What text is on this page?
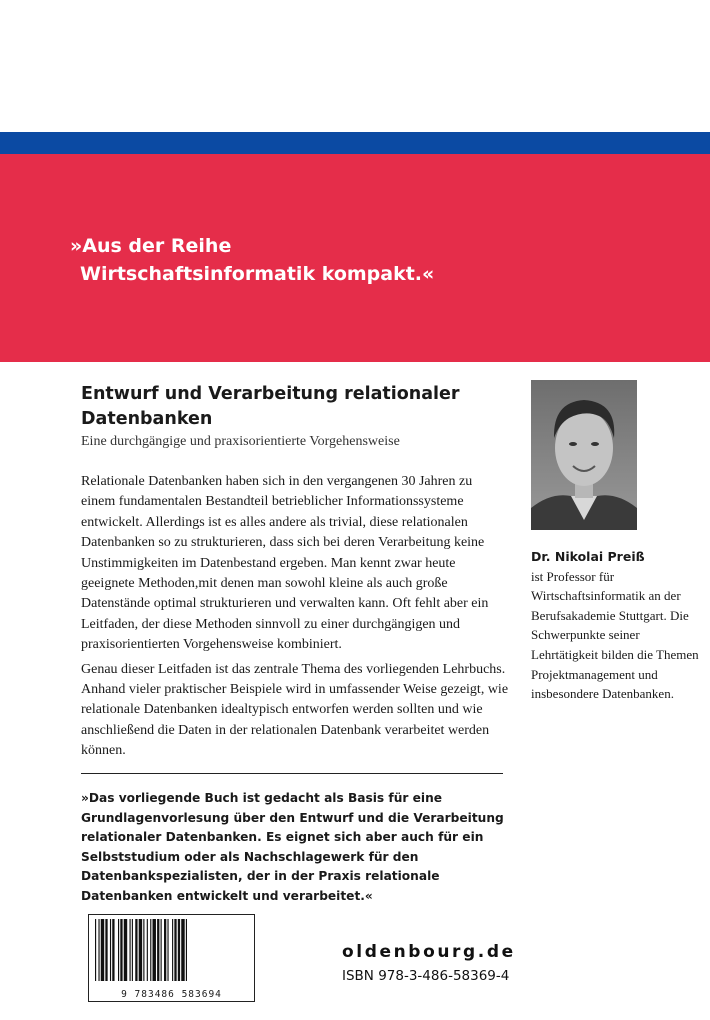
»Aus der Reihe
Wirtschaftsinformatik kompakt.«
Entwurf und Verarbeitung relationaler
Datenbanken
Eine durchgängige und praxisorientierte Vorgehensweise

Relationale Datenbanken haben sich in den vergangenen 30 Jahren zu einem fundamentalen Bestandteil betrieblicher Informationssysteme entwickelt. Allerdings ist es alles andere als trivial, diese relationalen Datenbanken so zu strukturieren, dass sich bei deren Verarbeitung keine Unstimmigkeiten im Datenbestand ergeben. Man kennt zwar heute geeignete Methoden,mit denen man sowohl kleine als auch große Datenstände optimal strukturieren und verwalten kann. Oft fehlt aber ein Leitfaden, der diese Methoden sinnvoll zu einer durchgängigen und praxisorientierten Vorgehensweise kombiniert.

Genau dieser Leitfaden ist das zentrale Thema des vorliegenden Lehrbuchs. Anhand vieler praktischer Beispiele wird in umfassender Weise gezeigt, wie relationale Datenbanken idealtypisch entworfen werden sollten und wie anschließend die Daten in der relationalen Datenbank verarbeitet werden können.

»Das vorliegende Buch ist gedacht als Basis für eine Grundlagenvorlesung über den Entwurf und die Verarbeitung relationaler Datenbanken. Es eignet sich aber auch für ein Selbststudium oder als Nachschlagewerk für den Datenbankspezialisten, der in der Praxis relationale Datenbanken entwickelt und verarbeitet.«
Dr. Nikolai Preiß
ist Professor für Wirtschaftsinformatik an der Berufsakademie Stuttgart. Die Schwerpunkte seiner Lehrtätigkeit bilden die Themen Projektmanagement und insbesondere Datenbanken.
9 783486 583694
oldenbourg.de
ISBN 978-3-486-58369-4
